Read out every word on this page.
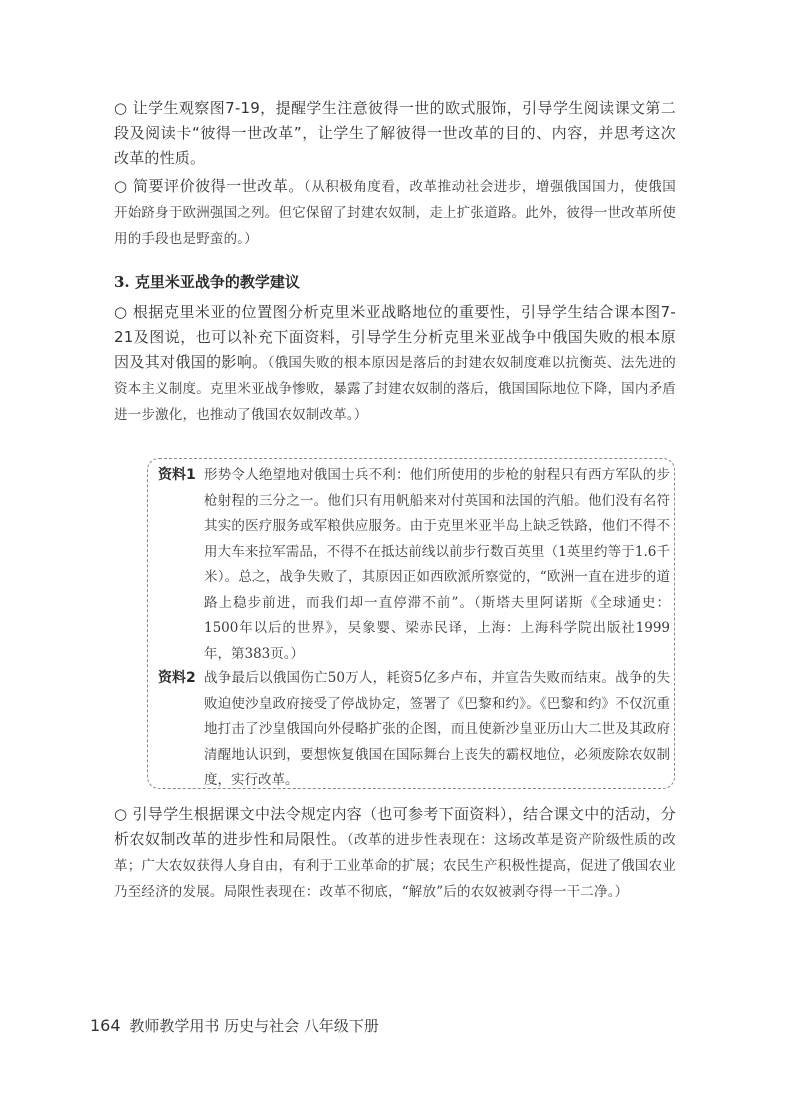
○ 让学生观察图7-19，提醒学生注意彼得一世的欧式服饰，引导学生阅读课文第二段及阅读卡“彼得一世改革”，让学生了解彼得一世改革的目的、内容，并思考这次改革的性质。
○ 简要评价彼得一世改革。（从积极角度看，改革推动社会进步，增强俄国国力，使俄国开始跻身于欧洲强国之列。但它保留了封建农奴制，走上扩张道路。此外，彼得一世改革所使用的手段也是野蛮的。）
3. 克里米亚战争的教学建议
○ 根据克里米亚的位置图分析克里米亚战略地位的重要性，引导学生结合课本图7-21及图说，也可以补充下面资料，引导学生分析克里米亚战争中俄国失败的根本原因及其对俄国的影响。（俄国失败的根本原因是落后的封建农奴制度难以抗衡英、法先进的资本主义制度。克里米亚战争惨败，暴露了封建农奴制的落后，俄国国际地位下降，国内矛盾进一步激化，也推动了俄国农奴制改革。）
资料1 形势令人绝望地对俄国士兵不利：他们所使用的步枪的射程只有西方军队的步枪射程的三分之一。他们只有用帆船来对付英国和法国的汽船。他们没有名符其实的医疗服务或军粮供应服务。由于克里米亚半岛上缺乏铁路，他们不得不用大车来拉军需品，不得不在抵达前线以前步行数百英里（1英里约等于1.6千米）。总之，战争失败了，其原因正如西欧派所察觉的，“欧洲一直在进步的道路上稳步前进，而我们却一直停滞不前”。（斯塔夫里阿诺斯《全球通史：1500年以后的世界》，吴象婴、梁赤民译，上海：上海科学院出版社1999年，第383页。）
资料2 战争最后以俄国伤亡50万人，耗资5亿多卢布，并宣告失败而结束。战争的失败迫使沙皇政府接受了停战协定，签署了《巴黎和约》。《巴黎和约》不仅沉重地打击了沙皇俄国向外侵略扩张的企图，而且使新沙皇亚历山大二世及其政府清醒地认识到，要想恢复俄国在国际舞台上丧失的霸权地位，必须废除农奴制度，实行改革。
○ 引导学生根据课文中法令规定内容（也可参考下面资料），结合课文中的活动，分析农奴制改革的进步性和局限性。（改革的进步性表现在：这场改革是资产阶级性质的改革；广大农奴获得人身自由，有利于工业革命的扩展；农民生产积极性提高，促进了俄国农业乃至经济的发展。局限性表现在：改革不彻底，“解放”后的农奴被剥夺得一干二净。）
164 教师教学用书 历史与社会 八年级下册
